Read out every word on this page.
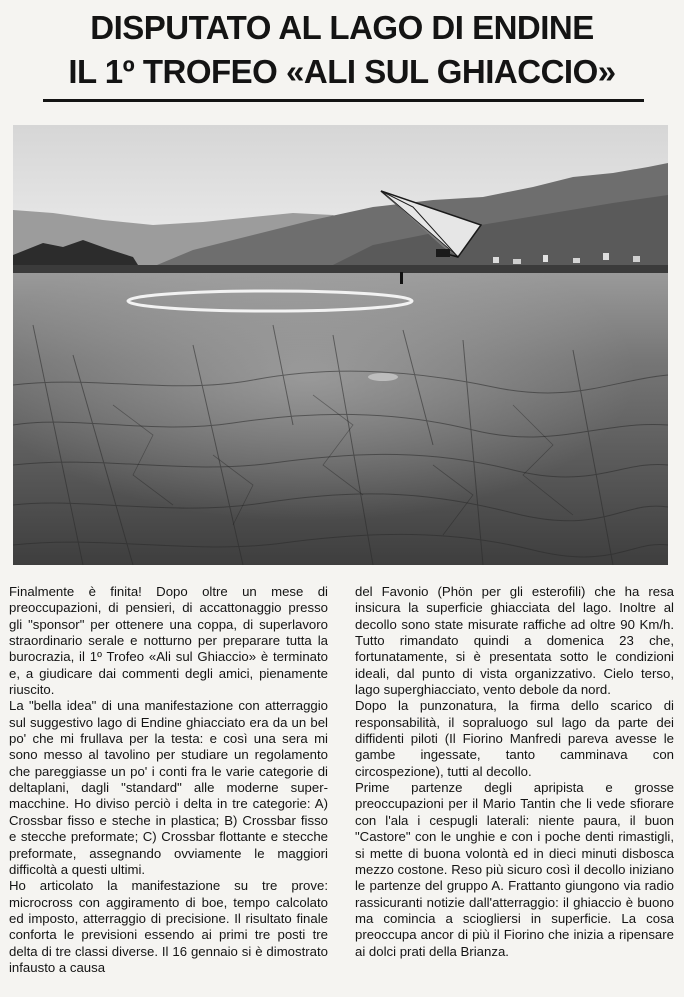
DISPUTATO AL LAGO DI ENDINE
IL 1º TROFEO «ALI SUL GHIACCIO»

Finalmente è finita! Dopo oltre un mese di preoccupazioni, di pensieri, di accattonaggio presso gli "sponsor" per ottenere una coppa, di superlavoro straordinario serale e notturno per preparare tutta la burocrazia, il 1º Trofeo «Ali sul Ghiaccio» è terminato e, a giudicare dai commenti degli amici, pienamente riuscito.

La "bella idea" di una manifestazione con atterraggio sul suggestivo lago di Endine ghiacciato era da un bel po' che mi frullava per la testa: e così una sera mi sono messo al tavolino per studiare un regolamento che pareggiasse un po' i conti fra le varie categorie di deltaplani, dagli "standard" alle moderne super-macchine. Ho diviso perciò i delta in tre categorie: A) Crossbar fisso e steche in plastica; B) Crossbar fisso e stecche preformate; C) Crossbar flottante e stecche preformate, assegnando ovviamente le maggiori difficoltà a questi ultimi.

Ho articolato la manifestazione su tre prove: microcross con aggiramento di boe, tempo calcolato ed imposto, atterraggio di precisione. Il risultato finale conforta le previsioni essendo ai primi tre posti tre delta di tre classi diverse. Il 16 gennaio si è dimostrato infausto a causa

del Favonio (Phön per gli esterofili) che ha resa insicura la superficie ghiacciata del lago. Inoltre al decollo sono state misurate raffiche ad oltre 90 Km/h. Tutto rimandato quindi a domenica 23 che, fortunatamente, si è presentata sotto le condizioni ideali, dal punto di vista organizzativo. Cielo terso, lago superghiacciato, vento debole da nord.

Dopo la punzonatura, la firma dello scarico di responsabilità, il sopraluogo sul lago da parte dei diffidenti piloti (Il Fiorino Manfredi pareva avesse le gambe ingessate, tanto camminava con circospezione), tutti al decollo.

Prime partenze degli apripista e grosse preoccupazioni per il Mario Tantin che li vede sfiorare con l'ala i cespugli laterali: niente paura, il buon "Castore" con le unghie e con i poche denti rimastigli, si mette di buona volontà ed in dieci minuti disbosca mezzo costone. Reso più sicuro così il decollo iniziano le partenze del gruppo A. Frattanto giungono via radio rassicuranti notizie dall'atterraggio: il ghiaccio è buono ma comincia a sciogliersi in superficie. La cosa preoccupa ancor di più il Fiorino che inizia a ripensare ai dolci prati della Brianza.
